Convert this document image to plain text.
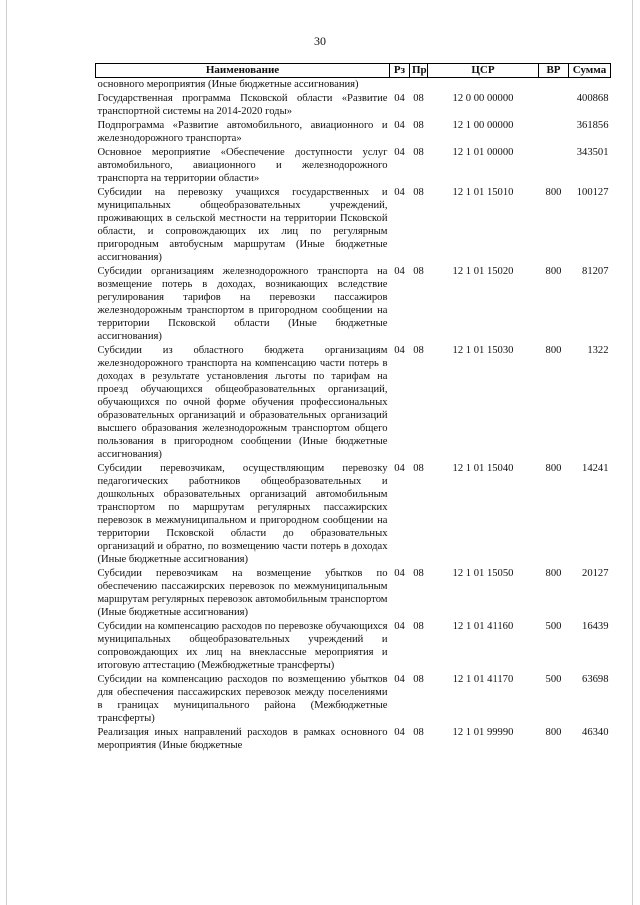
30
Наименование	Рз	Пр	ЦСР	ВР	Сумма
основного мероприятия (Иные бюджетные ассигнования)					
Государственная программа Псковской области «Развитие транспортной системы на 2014-2020 годы»	04	08	12 0 00 00000		400868
Подпрограмма «Развитие автомобильного, авиационного и железнодорожного транспорта»	04	08	12 1 00 00000		361856
Основное мероприятие «Обеспечение доступности услуг автомобильного, авиационного и железнодорожного транспорта на территории области»	04	08	12 1 01 00000		343501
Субсидии на перевозку учащихся государственных и муниципальных общеобразовательных учреждений, проживающих в сельской местности на территории Псковской области, и сопровождающих их лиц по регулярным пригородным автобусным маршрутам (Иные бюджетные ассигнования)	04	08	12 1 01 15010	800	100127
Субсидии организациям железнодорожного транспорта на возмещение потерь в доходах, возникающих вследствие регулирования тарифов на перевозки пассажиров железнодорожным транспортом в пригородном сообщении на территории Псковской области (Иные бюджетные ассигнования)	04	08	12 1 01 15020	800	81207
Субсидии из областного бюджета организациям железнодорожного транспорта на компенсацию части потерь в доходах в результате установления льготы по тарифам на проезд обучающихся общеобразовательных организаций, обучающихся по очной форме обучения профессиональных образовательных организаций и образовательных организаций высшего образования железнодорожным транспортом общего пользования в пригородном сообщении (Иные бюджетные ассигнования)	04	08	12 1 01 15030	800	1322
Субсидии перевозчикам, осуществляющим перевозку педагогических работников общеобразовательных и дошкольных образовательных организаций автомобильным транспортом по маршрутам регулярных пассажирских перевозок в межмуниципальном и пригородном сообщении на территории Псковской области до образовательных организаций и обратно, по возмещению части потерь в доходах (Иные бюджетные ассигнования)	04	08	12 1 01 15040	800	14241
Субсидии перевозчикам на возмещение убытков по обеспечению пассажирских перевозок по межмуниципальным маршрутам регулярных перевозок автомобильным транспортом (Иные бюджетные ассигнования)	04	08	12 1 01 15050	800	20127
Субсидии на компенсацию расходов по перевозке обучающихся муниципальных общеобразовательных учреждений и сопровождающих их лиц на внеклассные мероприятия и итоговую аттестацию (Межбюджетные трансферты)	04	08	12 1 01 41160	500	16439
Субсидии на компенсацию расходов по возмещению убытков для обеспечения пассажирских перевозок между поселениями в границах муниципального района (Межбюджетные трансферты)	04	08	12 1 01 41170	500	63698
Реализация иных направлений расходов в рамках основного мероприятия (Иные бюджетные	04	08	12 1 01 99990	800	46340
